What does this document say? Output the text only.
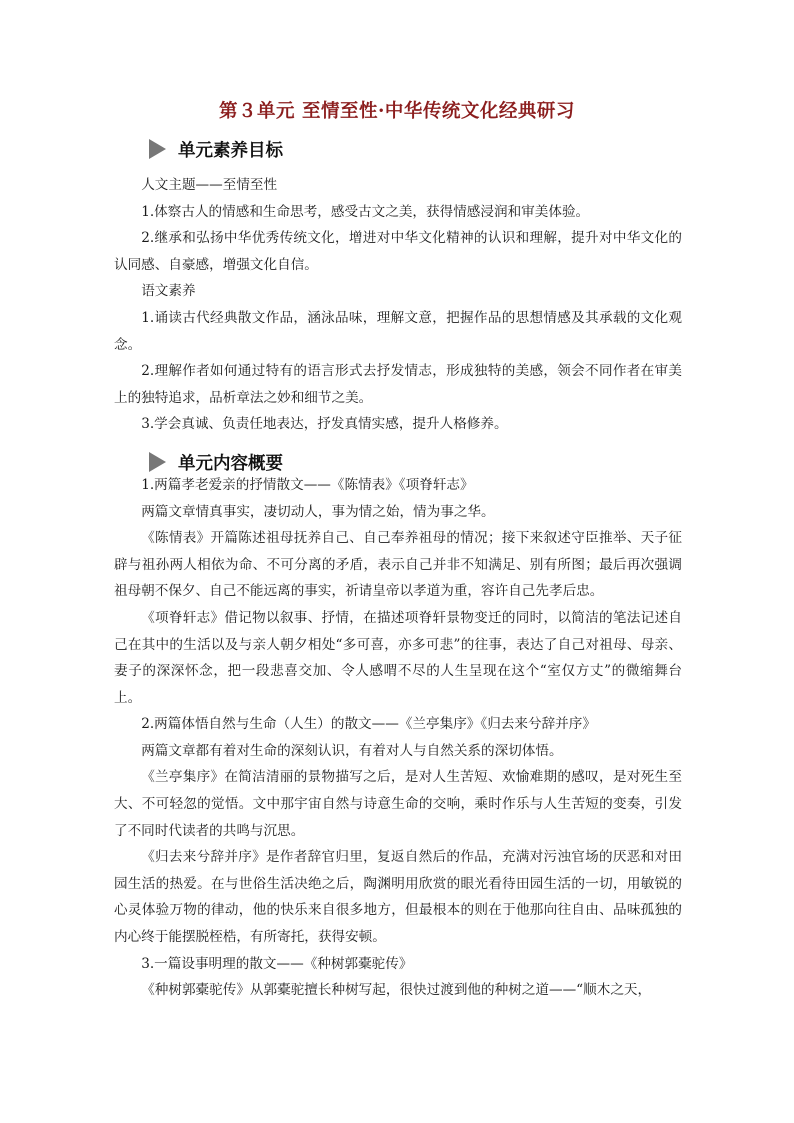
第３单元 至情至性·中华传统文化经典研习
单元素养目标

人文主题——至情至性

1.体察古人的情感和生命思考，感受古文之美，获得情感浸润和审美体验。

2.继承和弘扬中华优秀传统文化，增进对中华文化精神的认识和理解，提升对中华文化的认同感、自豪感，增强文化自信。

语文素养

1.诵读古代经典散文作品，涵泳品味，理解文意，把握作品的思想情感及其承载的文化观念。

2.理解作者如何通过特有的语言形式去抒发情志，形成独特的美感，领会不同作者在审美上的独特追求，品析章法之妙和细节之美。

3.学会真诚、负责任地表达，抒发真情实感，提升人格修养。

1.两篇孝老爱亲的抒情散文——《陈情表》《项脊轩志》

两篇文章情真事实，凄切动人，事为情之始，情为事之华。

《陈情表》开篇陈述祖母抚养自己、自己奉养祖母的情况；接下来叙述守臣推举、天子征辟与祖孙两人相依为命、不可分离的矛盾，表示自己并非不知满足、别有所图；最后再次强调祖母朝不保夕、自己不能远离的事实，祈请皇帝以孝道为重，容许自己先孝后忠。

《项脊轩志》借记物以叙事、抒情，在描述项脊轩景物变迁的同时，以简洁的笔法记述自己在其中的生活以及与亲人朝夕相处“多可喜，亦多可悲”的往事，表达了自己对祖母、母亲、妻子的深深怀念，把一段悲喜交加、令人感喟不尽的人生呈现在这个“室仅方丈”的微缩舞台上。

2.两篇体悟自然与生命（人生）的散文——《兰亭集序》《归去来兮辞并序》

两篇文章都有着对生命的深刻认识，有着对人与自然关系的深切体悟。

《兰亭集序》在简洁清丽的景物描写之后，是对人生苦短、欢愉难期的感叹，是对死生至大、不可轻忽的觉悟。文中那宇宙自然与诗意生命的交响，乘时作乐与人生苦短的变奏，引发了不同时代读者的共鸣与沉思。

《归去来兮辞并序》是作者辞官归里，复返自然后的作品，充满对污浊官场的厌恶和对田园生活的热爱。在与世俗生活决绝之后，陶渊明用欣赏的眼光看待田园生活的一切，用敏锐的心灵体验万物的律动，他的快乐来自很多地方，但最根本的则在于他那向往自由、品味孤独的内心终于能摆脱桎梏，有所寄托，获得安顿。

3.一篇设事明理的散文——《种树郭橐驼传》

《种树郭橐驼传》从郭橐驼擅长种树写起，很快过渡到他的种树之道——“顺木之天，

单元内容概要
